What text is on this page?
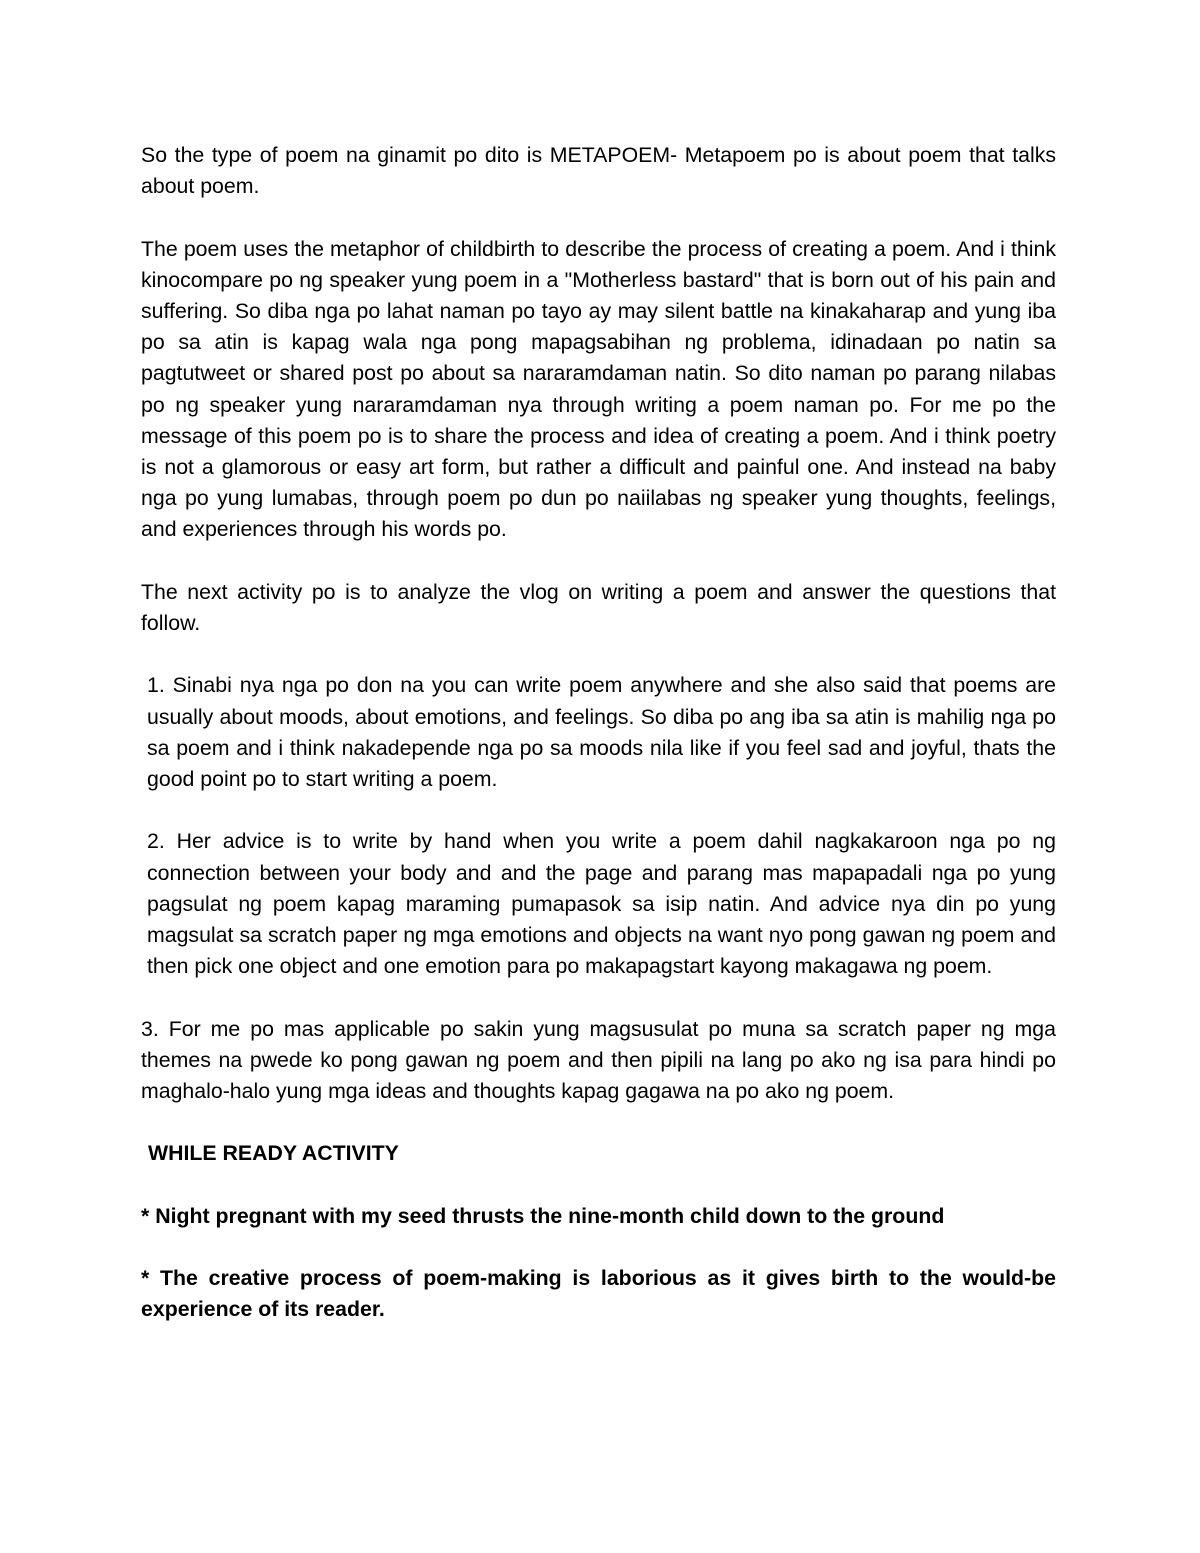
So the type of poem na ginamit po dito is METAPOEM- Metapoem po is about poem that talks about poem.

The poem uses the metaphor of childbirth to describe the process of creating a poem. And i think kinocompare po ng speaker yung poem in a "Motherless bastard" that is born out of his pain and suffering. So diba nga po lahat naman po tayo ay may silent battle na kinakaharap and yung iba po sa atin is kapag wala nga pong mapagsabihan ng problema, idinadaan po natin sa pagtutweet or shared post po about sa nararamdaman natin. So dito naman po parang nilabas po ng speaker yung nararamdaman nya through writing a poem naman po. For me po the message of this poem po is to share the process and idea of creating a poem. And i think poetry is not a glamorous or easy art form, but rather a difficult and painful one. And instead na baby nga po yung lumabas, through poem po dun po naiilabas ng speaker yung thoughts, feelings, and experiences through his words po.

The next activity po is to analyze the vlog on writing a poem and answer the questions that follow.

1. Sinabi nya nga po don na you can write poem anywhere and she also said that poems are usually about moods, about emotions, and feelings. So diba po ang iba sa atin is mahilig nga po sa poem and i think nakadepende nga po sa moods nila like if you feel sad and joyful, thats the good point po to start writing a poem.

2. Her advice is to write by hand when you write a poem dahil nagkakaroon nga po ng connection between your body and and the page and parang mas mapapadali nga po yung pagsulat ng poem kapag maraming pumapasok sa isip natin. And advice nya din po yung magsulat sa scratch paper ng mga emotions and objects na want nyo pong gawan ng poem and then pick one object and one emotion para po makapagstart kayong makagawa ng poem.

3. For me po mas applicable po sakin yung magsusulat po muna sa scratch paper ng mga themes na pwede ko pong gawan ng poem and then pipili na lang po ako ng isa para hindi po maghalo-halo yung mga ideas and thoughts kapag gagawa na po ako ng poem.

WHILE READY ACTIVITY

* Night pregnant with my seed thrusts the nine-month child down to the ground

* The creative process of poem-making is laborious as it gives birth to the would-be experience of its reader.
